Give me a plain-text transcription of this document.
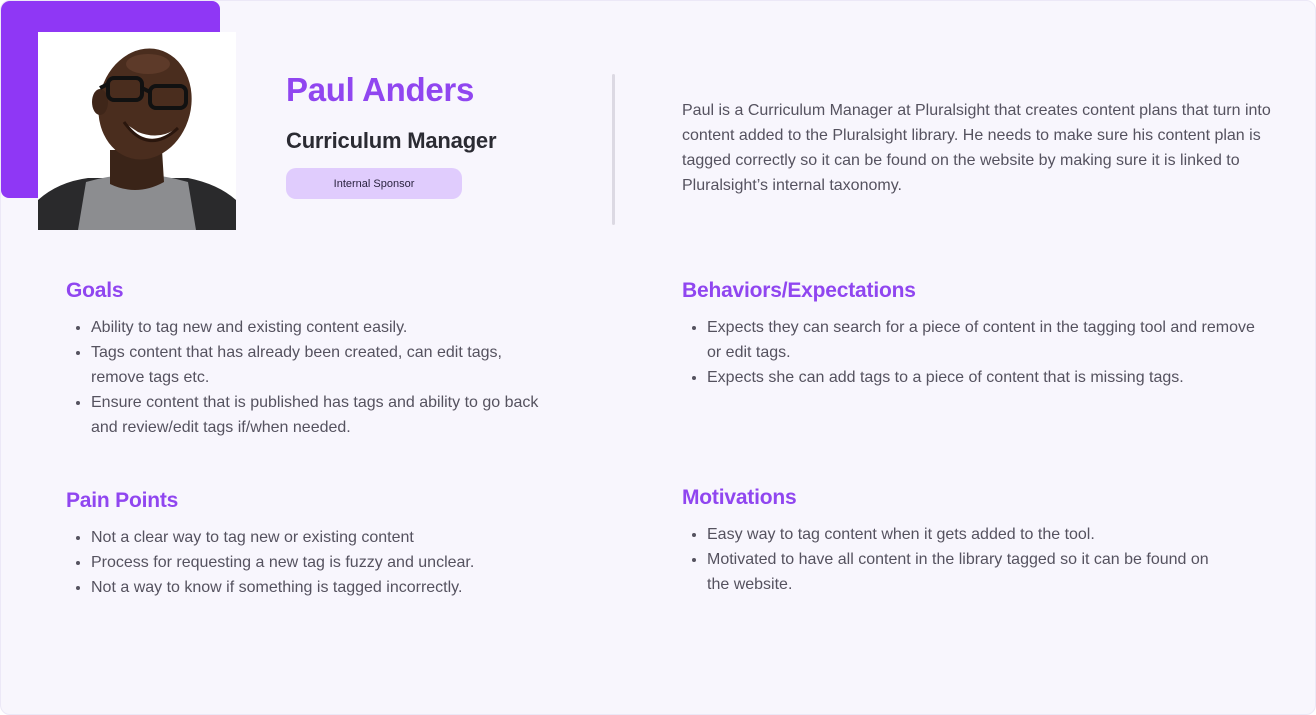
Paul Anders
Curriculum Manager
Internal Sponsor

Paul is a Curriculum Manager at Pluralsight that creates content plans that turn into content added to the Pluralsight library. He needs to make sure his content plan is tagged correctly so it can be found on the website by making sure it is linked to Pluralsight’s internal taxonomy.

Goals
• Ability to tag new and existing content easily.
• Tags content that has already been created, can edit tags, remove tags etc.
• Ensure content that is published has tags and ability to go back and review/edit tags if/when needed.
Pain Points
• Not a clear way to tag new or existing content
• Process for requesting a new tag is fuzzy and unclear.
• Not a way to know if something is tagged incorrectly.
Behaviors/Expectations
• Expects they can search for a piece of content in the tagging tool and remove or edit tags.
• Expects she can add tags to a piece of content that is missing tags.
Motivations
• Easy way to tag content when it gets added to the tool.
• Motivated to have all content in the library tagged so it can be found on the website.
